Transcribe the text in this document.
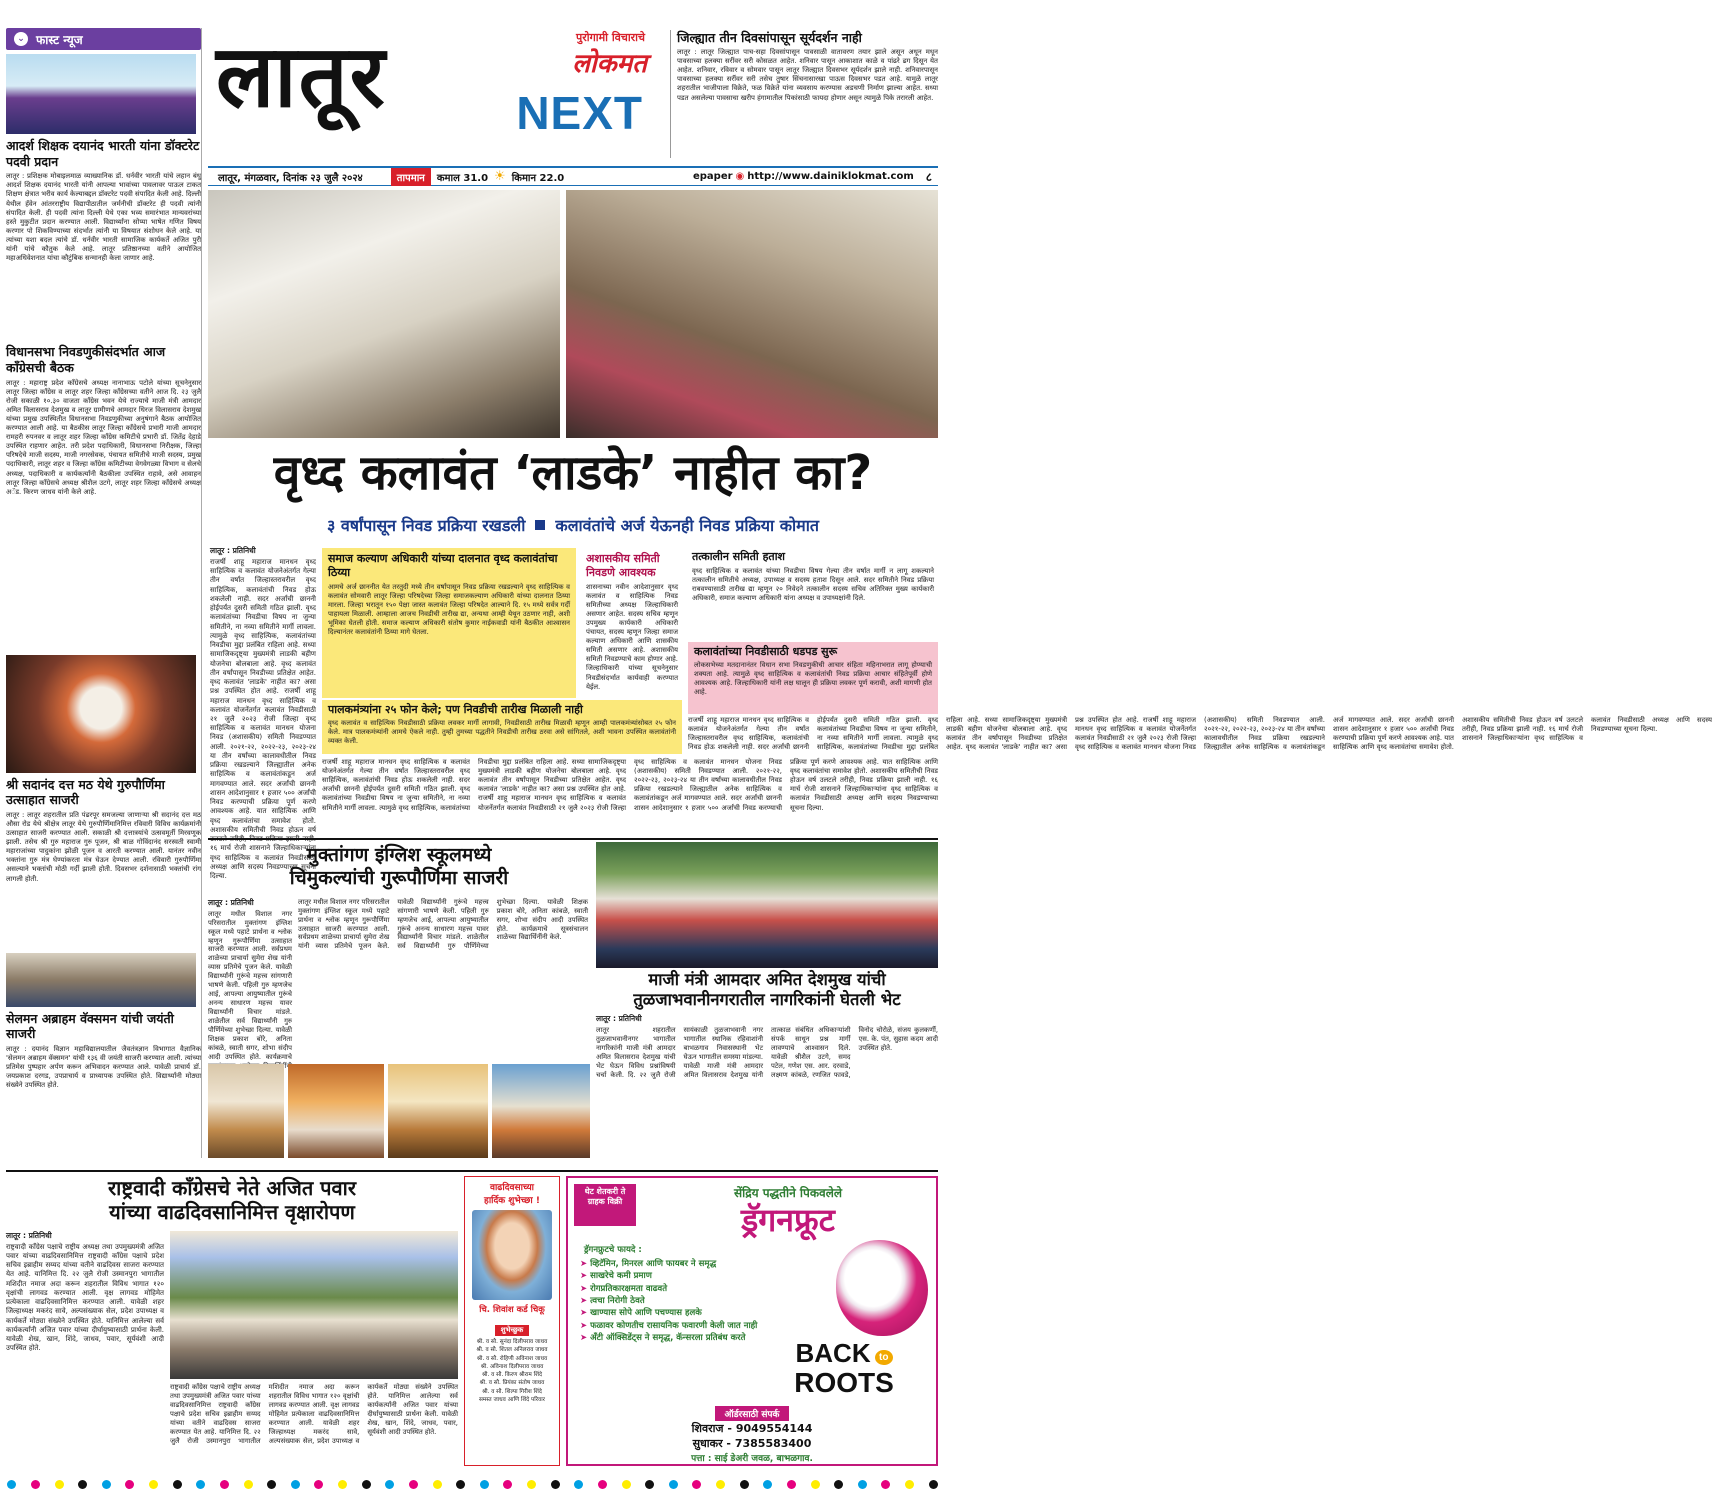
⌄ फास्ट न्यूज
आदर्श शिक्षक दयानंद भारती यांना डॉक्टरेट पदवी प्रदान
लातूर : प्रशिक्षक मोबाइलमाळ व्याख्यानिक डॉ. धर्नवीर भारती यांचे लहान बंधु आदर्श शिक्षक दयानंद भारती यांनी आपल्या भावांच्या पावलावर पाऊल टाकत शिक्षण क्षेत्रात भरीव कार्य केल्याबद्दल डॉक्टरेट पदवी संपादित केली आहे. दिल्ली येथील हॅवेन आंतरराष्ट्रीय विद्यापीठातील जर्मनीची डॉक्टरेट ही पदवी त्यांनी संपादित केली. ही पदवी त्यांना दिल्ली येथे एका भव्य समारंभात मान्यवरांच्या हस्ते मुकुटीत प्रदान करण्यात आली. विद्यार्थ्यांना सोप्या भाषेत गणित विषय करणार पो शिकविण्याच्या संदर्भात त्यांनी या विषयात संशोधन केले आहे. या त्यांच्या यशा बदल त्यांचे डॉ. धर्नवीर भारती सामाजिक कार्यकर्ते अजित पुरी यांनी यांचे कौतुक केले आहे. लातूर प्रतिष्ठानच्या वतीने आयोजित महाअधिवेशनात यांचा कौटुंबिक सन्मानही केला जाणार आहे.
विधानसभा निवडणुकीसंदर्भात आज काँग्रेसची बैठक
लातूर : महाराष्ट्र प्रदेश काँग्रेसचे अध्यक्ष नानाभाऊ पटोले यांच्या सूचनेनुसार लातूर जिल्हा काँग्रेस व लातूर शहर जिल्हा काँग्रेसच्या वतीने आज दि. २३ जुलै रोजी सकाळी १०.३० वाजता काँग्रेस भवन येथे राज्याचे माजी मंत्री आमदार अमित विलासराव देशमुख व लातूर ग्रामीणचे आमदार धिरज विलासराव देशमुख यांच्या प्रमुख उपस्थितीत विधानसभा निवडणुकीच्या अनुषंगाने बैठक आयोजित करण्यात आली आहे. या बैठकीस लातूर जिल्हा काँग्रेसचे प्रभारी माजी आमदार रामहरी रुपनवर व लातूर शहर जिल्हा काँग्रेस कमिटीचे प्रभारी डॉ. जितेंद्र देहाडे उपस्थित राहणार आहेत. तरी प्रदेश पदाधिकारी, विधानसभा निरीक्षक, जिल्हा परिषदेचे माजी सदस्य, माजी नगरसेवक, पंचायत समितीचे माजी सदस्य, प्रमुख पदाधिकारी, लातूर शहर व जिल्हा काँग्रेस कमिटीच्या वेगवेगळ्या विभाग व सेलचे अध्यक्ष, पदाधिकारी व कार्यकर्त्यांनी बैठकीला उपस्थित राहावे, असे आवाहन लातूर जिल्हा काँग्रेसचे अध्यक्ष श्रीशैल उटगे, लातूर शहर जिल्हा काँग्रेसचे अध्यक्ष अॅड. किरण जाधव यांनी केले आहे.
श्री सदानंद दत्त मठ येथे गुरुपौर्णिमा उत्साहात साजरी
लातूर : लातूर शहरातील प्रति पंढरपूर समजल्या जाणाऱ्या श्री सदानंद दत्त मठ औसा रोड येथे श्रीक्षेत्र लातूर येथे गुरुपौर्णिमानिमित्त रविवारी विविध कार्यक्रमांनी उत्साहात साजरी करण्यात आली. सकाळी श्री दत्तात्रयांचे उत्सवमूर्ती मिरवणूक झाली. तसेच श्री गुरु महाराज गुरु पूजन, श्री बाळ गोविंदानंद सरस्वती स्वामी महाराजांच्या पादुकांना झोळी पूजन व आरती करण्यात आली. यानंतर नवीन भक्तांना गुरु मंत्र घेण्यांकरता मंत्र घेऊन देण्यात आली. रविवारी गुरुपौर्णिमा असल्याने भक्तांची मोठी गर्दी झाली होती. दिवसभर दर्शनासाठी भक्तांची रांग लागली होती.
सेलमन अब्राहम वॅक्समन यांची जयंती साजरी
लातूर : दयानंद विज्ञान महाविद्यालयातील जैवतंत्रज्ञान विभागात वैज्ञानिक 'सेलमन अब्राहम वॅक्समन' यांची १३६ वी जयंती साजरी करण्यात आली. त्यांच्या प्रतिमेस पुष्पहार अर्पण करून अभिवादन करण्यात आले. यावेळी प्राचार्य डॉ. जयप्रकाश दरगड, उपप्राचार्य व प्राध्यापक उपस्थित होते. विद्यार्थ्यांनी मोठ्या संख्येने उपस्थित होते.
लातूर	पुरोगामी विचाराचे
लोकमत
NEXT
जिल्ह्यात तीन दिवसांपासून सूर्यदर्शन नाही
लातूर : लातूर जिल्ह्यात पाच-सहा दिवसांपासून पावसाळी वातावरण तयार झाले असून अधून मधून पावसाच्या हलक्या सरींवर सरी कोसळत आहेत. शनिवार पासून आकाशात काळे व पांढरे ढग दिसून येत आहेत. शनिवार, रविवार व सोमवार पासून लातूर जिल्ह्यात दिवसभर सूर्यदर्शन झाले नाही. शनिवारपासून पावसाच्या हलक्या सरींवर सरी तसेच तुषार सिंचनासारखा पाऊस दिवसभर पडत आहे. यामुळे लातूर शहरातील भाजीपाला विक्रेते, फळ विक्रेते यांना व्यवसाय करण्यास अडचणी निर्माण झाल्या आहेत. सध्या पडत असलेल्या पावसाचा खरीप हंगामातील पिकांसाठी फायदा होणार असून त्यामुळे पिके तरारली आहेत.
लातूर, मंगळवार, दिनांक २३ जुलै २०२४	तापमान	कमाल 31.0 ☀ किमान 22.0	epaper ◉ http://www.dainiklokmat.com ८
वृध्द कलावंत ‘लाडके’ नाहीत का?
३ वर्षांपासून निवड प्रक्रिया रखडली कलावंतांचे अर्ज येऊनही निवड प्रक्रिया कोमात
लातूर : प्रतिनिधी
राजर्षी शाहू महाराज मानधन वृध्द साहित्यिक व कलावंत योजनेअंतर्गत गेल्या तीन वर्षांत जिल्हास्तरावरील वृध्द साहित्यिक, कलावंतांची निवड होऊ शकलेली नाही. सदर अर्जांची छाननी होईपर्यंत दुसरी समिती गठित झाली. वृध्द कलावंतांच्या निवडीचा विषय ना जुन्या समितीने, ना नव्या समितीने मार्गी लावला. त्यामुळे वृध्द साहित्यिक, कलावंतांच्या निवडीचा मुद्दा प्रलंबित राहिला आहे. सध्या सामाजिकदृष्ट्या मुख्यमंत्री लाडकी बहीण योजनेचा बोलबाला आहे. वृध्द कलावंत तीन वर्षांपासून निवडीच्या प्रतिक्षेत आहेत. वृध्द कलावंत 'लाडके' नाहीत का? असा प्रश्न उपस्थित होत आहे. राजर्षी शाहू महाराज मानधन वृध्द साहित्यिक व कलावंत योजनेंतर्गत कलावंत निवडीसाठी २१ जुलै २०२३ रोजी जिल्हा वृध्द साहित्यिक व कलावंत मानधन योजना निवड (अशासकीय) समिती निवडण्यात आली. २०२१-२२, २०२२-२३, २०२३-२४ या तीन वर्षांच्या कालावधीतील निवड प्रक्रिया रखडल्याने जिल्ह्यातील अनेक साहित्यिक व कलावंतांकडून अर्ज मागवण्यात आले. सदर अर्जांची छाननी शासन आदेशानुसार १ हजार ५०० अर्जांची निवड करण्याची प्रक्रिया पूर्ण करणे आवश्यक आहे. यात साहित्यिक आणि वृध्द कलावंतांचा समावेश होतो. अशासकीय समितीची निवड होऊन वर्ष उलटले तरीही, निवड प्रक्रिया झाली नाही. १६ मार्च रोजी शासनाने जिल्हाधिकाऱ्यांना वृध्द साहित्यिक व कलावंत निवडीसाठी अध्यक्ष आणि सदस्य निवडण्याच्या सूचना दिल्या.
समाज कल्याण अधिकारी यांच्या दालनात वृध्द कलावंतांचा ठिय्या
आमचे अर्ज छाननीत येत तरतुदी मध्ये तीन वर्षांपासून निवड प्रक्रिया रखडल्याने वृध्द साहित्यिक व कलावंत सोमवारी लातूर जिल्हा परिषदेच्या जिल्हा समाजकल्याण अधिकारी यांच्या दालनात ठिय्या मारला. जिल्हा भरातून १५० पेक्षा जास्त कलावंत जिल्हा परिषदेत आल्याने दि. १५ मध्ये सर्वत्र गर्दी पाहायला मिळाली. आम्हाला आजच निवडीची तारीख द्या, अन्यथा आम्ही येथून उठणार नाही, अशी भूमिका घेतली होती. समाज कल्याण अधिकारी संतोष कुमार नाईकवाडी यांनी बैठकीत आश्वासन दिल्यानंतर कलावंतांनी ठिय्या मागे घेतला.
अशासकीय समिती निवडणे आवश्यक
शासनाच्या नवीन आदेशानुसार वृध्द कलावंत व साहित्यिक निवड समितीच्या अध्यक्ष जिल्हाधिकारी असणार आहेत. सदस्य सचिव म्हणून उपमुख्य कार्यकारी अधिकारी पंचायत, सदस्य म्हणून जिल्हा समाज कल्याण अधिकारी आणि शासकीय समिती असणार आहे. अशासकीय समिती निवडण्याचे काम होणार आहे. जिल्हाधिकारी यांच्या सूचनेनुसार निवडीसंदर्भात कार्यवाही करण्यात येईल.
तत्कालीन समिती हताश
वृध्द साहित्यिक व कलावंत यांच्या निवडीचा विषय गेल्या तीन वर्षांत मार्गी न लागू शकल्याने तत्कालीन समितीचे अध्यक्ष, उपाध्यक्ष व सदस्य हताश दिसून आले. सदर समितीने निवड प्रक्रिया राबवण्यासाठी तारीख द्या म्हणून २० निवेदने तत्कालीन सदस्य सचिव अतिरिक्त मुख्य कार्यकारी अधिकारी, समाज कल्याण अधिकारी यांना अध्यक्ष व उपाध्यक्षांनी दिले.
कलावंतांच्या निवडीसाठी धडपड सुरू
लोकसभेच्या मतदानानंतर विधान सभा निवडणुकीची आचार संहिता महिनाभरात लागू होण्याची शक्यता आहे. त्यामुळे वृध्द साहित्यिक व कलावंतांची निवड प्रक्रिया आचार संहितेपूर्वी होणे आवश्यक आहे. जिल्हाधिकारी यांनी लक्ष घालून ही प्रक्रिया लवकर पूर्ण करावी, अशी मागणी होत आहे.
पालकमंत्र्यांना २५ फोन केले; पण निवडीची तारीख मिळाली नाही
वृध्द कलावंत व साहित्यिक निवडीसाठी प्रक्रिया लवकर मार्गी लागावी, निवडीसाठी तारीख मिळावी म्हणून आम्ही पालकमंत्र्यांसोबत २५ फोन केले. मात्र पालकमंत्र्यांनी आमचे ऐकले नाही. तुम्ही तुमच्या पद्धतीने निवडीची तारीख ठरवा असे सांगितले, अशी भावना उपस्थित कलावंतांनी व्यक्त केली.
राजर्षी शाहू महाराज मानधन वृध्द साहित्यिक व कलावंत योजनेअंतर्गत गेल्या तीन वर्षांत जिल्हास्तरावरील वृध्द साहित्यिक, कलावंतांची निवड होऊ शकलेली नाही. सदर अर्जांची छाननी होईपर्यंत दुसरी समिती गठित झाली. वृध्द कलावंतांच्या निवडीचा विषय ना जुन्या समितीने, ना नव्या समितीने मार्गी लावला. त्यामुळे वृध्द साहित्यिक, कलावंतांच्या निवडीचा मुद्दा प्रलंबित राहिला आहे. सध्या सामाजिकदृष्ट्या मुख्यमंत्री लाडकी बहीण योजनेचा बोलबाला आहे. वृध्द कलावंत तीन वर्षांपासून निवडीच्या प्रतिक्षेत आहेत. वृध्द कलावंत 'लाडके' नाहीत का? असा प्रश्न उपस्थित होत आहे. राजर्षी शाहू महाराज मानधन वृध्द साहित्यिक व कलावंत योजनेंतर्गत कलावंत निवडीसाठी २१ जुलै २०२३ रोजी जिल्हा वृध्द साहित्यिक व कलावंत मानधन योजना निवड (अशासकीय) समिती निवडण्यात आली. २०२१-२२, २०२२-२३, २०२३-२४ या तीन वर्षांच्या कालावधीतील निवड प्रक्रिया रखडल्याने जिल्ह्यातील अनेक साहित्यिक व कलावंतांकडून अर्ज मागवण्यात आले. सदर अर्जांची छाननी शासन आदेशानुसार १ हजार ५०० अर्जांची निवड करण्याची प्रक्रिया पूर्ण करणे आवश्यक आहे. यात साहित्यिक आणि वृध्द कलावंतांचा समावेश होतो. अशासकीय समितीची निवड होऊन वर्ष उलटले तरीही, निवड प्रक्रिया झाली नाही. १६ मार्च रोजी शासनाने जिल्हाधिकाऱ्यांना वृध्द साहित्यिक व कलावंत निवडीसाठी अध्यक्ष आणि सदस्य निवडण्याच्या सूचना दिल्या.
राजर्षी शाहू महाराज मानधन वृध्द साहित्यिक व कलावंत योजनेअंतर्गत गेल्या तीन वर्षांत जिल्हास्तरावरील वृध्द साहित्यिक, कलावंतांची निवड होऊ शकलेली नाही. सदर अर्जांची छाननी होईपर्यंत दुसरी समिती गठित झाली. वृध्द कलावंतांच्या निवडीचा विषय ना जुन्या समितीने, ना नव्या समितीने मार्गी लावला. त्यामुळे वृध्द साहित्यिक, कलावंतांच्या निवडीचा मुद्दा प्रलंबित राहिला आहे. सध्या सामाजिकदृष्ट्या मुख्यमंत्री लाडकी बहीण योजनेचा बोलबाला आहे. वृध्द कलावंत तीन वर्षांपासून निवडीच्या प्रतिक्षेत आहेत. वृध्द कलावंत 'लाडके' नाहीत का? असा प्रश्न उपस्थित होत आहे. राजर्षी शाहू महाराज मानधन वृध्द साहित्यिक व कलावंत योजनेंतर्गत कलावंत निवडीसाठी २१ जुलै २०२३ रोजी जिल्हा वृध्द साहित्यिक व कलावंत मानधन योजना निवड (अशासकीय) समिती निवडण्यात आली. २०२१-२२, २०२२-२३, २०२३-२४ या तीन वर्षांच्या कालावधीतील निवड प्रक्रिया रखडल्याने जिल्ह्यातील अनेक साहित्यिक व कलावंतांकडून अर्ज मागवण्यात आले. सदर अर्जांची छाननी शासन आदेशानुसार १ हजार ५०० अर्जांची निवड करण्याची प्रक्रिया पूर्ण करणे आवश्यक आहे. यात साहित्यिक आणि वृध्द कलावंतांचा समावेश होतो. अशासकीय समितीची निवड होऊन वर्ष उलटले तरीही, निवड प्रक्रिया झाली नाही. १६ मार्च रोजी शासनाने जिल्हाधिकाऱ्यांना वृध्द साहित्यिक व कलावंत निवडीसाठी अध्यक्ष आणि सदस्य निवडण्याच्या सूचना दिल्या.
मुक्तांगण इंग्लिश स्कूलमध्ये
चिमुकल्यांची गुरूपौर्णिमा साजरी
लातूर : प्रतिनिधी
लातूर मधील विशाल नगर परिसरातील मुक्तांगण इंग्लिश स्कूल मध्ये पहाटे प्रार्थना व श्लोक म्हणून गुरूपौर्णिमा उत्साहात साजरी करण्यात आली. सर्वप्रथम शाळेच्या प्राचार्या सुमेरा शेख यांनी व्यास प्रतिमेचे पूजन केले. यावेळी विद्यार्थ्यांनी गुरूंचे महत्त्व सांगणारी भाषणे केली. पहिली गुरु म्हणजेच आई, आपल्या आयुष्यातील गुरूंचे अनन्य साधारण महत्त्व यावर विद्यार्थ्यांनी विचार मांडले. शाळेतील सर्व विद्यार्थ्यांनी गुरु पौर्णिमेच्या शुभेच्छा दिल्या. यावेळी शिक्षक प्रकाश बोरे, अनिता कांबळे, स्वाती सगर, शोभा संदीप आदी उपस्थित होते. कार्यक्रमाचे
लातूर मधील विशाल नगर परिसरातील मुक्तांगण इंग्लिश स्कूल मध्ये पहाटे प्रार्थना व श्लोक म्हणून गुरूपौर्णिमा उत्साहात साजरी करण्यात आली. सर्वप्रथम शाळेच्या प्राचार्या सुमेरा शेख यांनी व्यास प्रतिमेचे पूजन केले. यावेळी विद्यार्थ्यांनी गुरूंचे महत्त्व सांगणारी भाषणे केली. पहिली गुरु म्हणजेच आई, आपल्या आयुष्यातील गुरूंचे अनन्य साधारण महत्त्व यावर विद्यार्थ्यांनी विचार मांडले. शाळेतील सर्व विद्यार्थ्यांनी गुरु पौर्णिमेच्या शुभेच्छा दिल्या. यावेळी शिक्षक प्रकाश बोरे, अनिता कांबळे, स्वाती सगर, शोभा संदीप आदी उपस्थित होते. कार्यक्रमाचे सूत्रसंचालन शाळेच्या विद्यार्थिनींनी केले.
माजी मंत्री आमदार अमित देशमुख यांची
तुळजाभवानीनगरातील नागरिकांनी घेतली भेट
लातूर : प्रतिनिधी
लातूर शहरातील तुळजाभवानीनगर भागातील नागरिकांनी माजी मंत्री आमदार अमित विलासराव देशमुख यांची भेट घेऊन विविध प्रश्नांविषयी चर्चा केली. दि. २२ जुलै रोजी सायंकाळी तुळजाभवानी नगर भागातील स्थानिक रहिवाशांनी बाभळगाव निवासस्थानी भेट घेऊन भागातील समस्या मांडल्या. यावेळी माजी मंत्री आमदार अमित विलासराव देशमुख यांनी तात्काळ संबंधित अधिकाऱ्यांशी संपर्क साधून प्रश्न मार्गी लावण्याचे आश्वासन दिले. यावेळी श्रीशैल उटगे, समद पटेल, गणेश एस. आर. दरवाडे, लक्ष्मण कांबळे, रणजित फावडे, विनोद चोरोळे, संजय कुलकर्णी, एस. के. पंत, सुहास कदम आदी उपस्थित होते.
राष्ट्रवादी काँग्रेसचे नेते अजित पवार
यांच्या वाढदिवसानिमित्त वृक्षारोपण
लातूर : प्रतिनिधी
राष्ट्रवादी काँग्रेस पक्षाचे राष्ट्रीय अध्यक्ष तथा उपमुख्यमंत्री अजित पवार यांच्या वाढदिवसानिमित्त राष्ट्रवादी काँग्रेस पक्षाचे प्रदेश सचिव इब्राहीम सय्यद यांच्या वतीने वाढदिवस साजरा करण्यात येत आहे. यानिमित्त दि. २२ जुलै रोजी उस्मानपुरा भागातील मशिदीत नमाज अदा करून शहरातील विविध भागात १२० वृक्षांची लागवड करण्यात आली. वृक्ष लागवड मोहिमेत प्रत्येकाला वाढदिवसानिमित्त करण्यात आली. यावेळी शहर जिल्हाध्यक्ष मकरंद सावे, अल्पसंख्याक सेल, प्रदेश उपाध्यक्ष व कार्यकर्ते मोठ्या संख्येने उपस्थित होते. यानिमित्त आलेल्या सर्व कार्यकर्त्यांनी अजित पवार यांच्या दीर्घायुष्यासाठी प्रार्थना केली. यावेळी शेख, खान, शिंदे, जाधव, पवार, सूर्यवंशी आदी उपस्थित होते.
राष्ट्रवादी काँग्रेस पक्षाचे राष्ट्रीय अध्यक्ष तथा उपमुख्यमंत्री अजित पवार यांच्या वाढदिवसानिमित्त राष्ट्रवादी काँग्रेस पक्षाचे प्रदेश सचिव इब्राहीम सय्यद यांच्या वतीने वाढदिवस साजरा करण्यात येत आहे. यानिमित्त दि. २२ जुलै रोजी उस्मानपुरा भागातील मशिदीत नमाज अदा करून शहरातील विविध भागात १२० वृक्षांची लागवड करण्यात आली. वृक्ष लागवड मोहिमेत प्रत्येकाला वाढदिवसानिमित्त करण्यात आली. यावेळी शहर जिल्हाध्यक्ष मकरंद सावे, अल्पसंख्याक सेल, प्रदेश उपाध्यक्ष व कार्यकर्ते मोठ्या संख्येने उपस्थित होते. यानिमित्त आलेल्या सर्व कार्यकर्त्यांनी अजित पवार यांच्या दीर्घायुष्यासाठी प्रार्थना केली. यावेळी शेख, खान, शिंदे, जाधव, पवार, सूर्यवंशी आदी उपस्थित होते.
वाढदिवसाच्या
हार्दिक शुभेच्छा !
चि. शिवांश कर्ड चिकू
शुभेच्छुक
श्री. व सौ. सुनंदा दिलीपराव जाधव
श्री. व सौ. शितल अनिलराव जाधव
श्री. व सौ. रोहिणी अविनाश जाधव
श्री. अविनाश दिलीपराव जाधव
श्री. व सौ. किरण श्रीराम शिंदे
श्री. व सौ. प्रियंका संतोष जाधव
श्री. व सौ. शिल्पा गिरीश शिंदे
समस्त जाधव आणि शिंदे परिवार
थेट शेतकरी ते ग्राहक विक्री
सेंद्रिय पद्धतीने पिकवलेले
ड्रॅगनफ्रूट
ड्रॅगनफ्रुटचे फायदे :
➤ व्हिटॅमिन, मिनरल आणि फायबर ने समृद्ध
➤ साखरेचे कमी प्रमाण
➤ रोगप्रतिकारक्षमता वाढवते
➤ त्वचा निरोगी ठेवते
➤ खाण्यास सोपे आणि पचण्यास हलके
➤ फळावर कोणतीच रासायनिक फवारणी केली जात नाही
➤ अँटी ऑक्सिडेंट्स ने समृद्ध, कॅन्सरला प्रतिबंध करते
BACK to
ROOTS
ऑर्डरसाठी संपर्क
शिवराज - 9049554144
सुधाकर - 7385583400
पत्ता : साई डेअरी जवळ, बाभळगाव.
